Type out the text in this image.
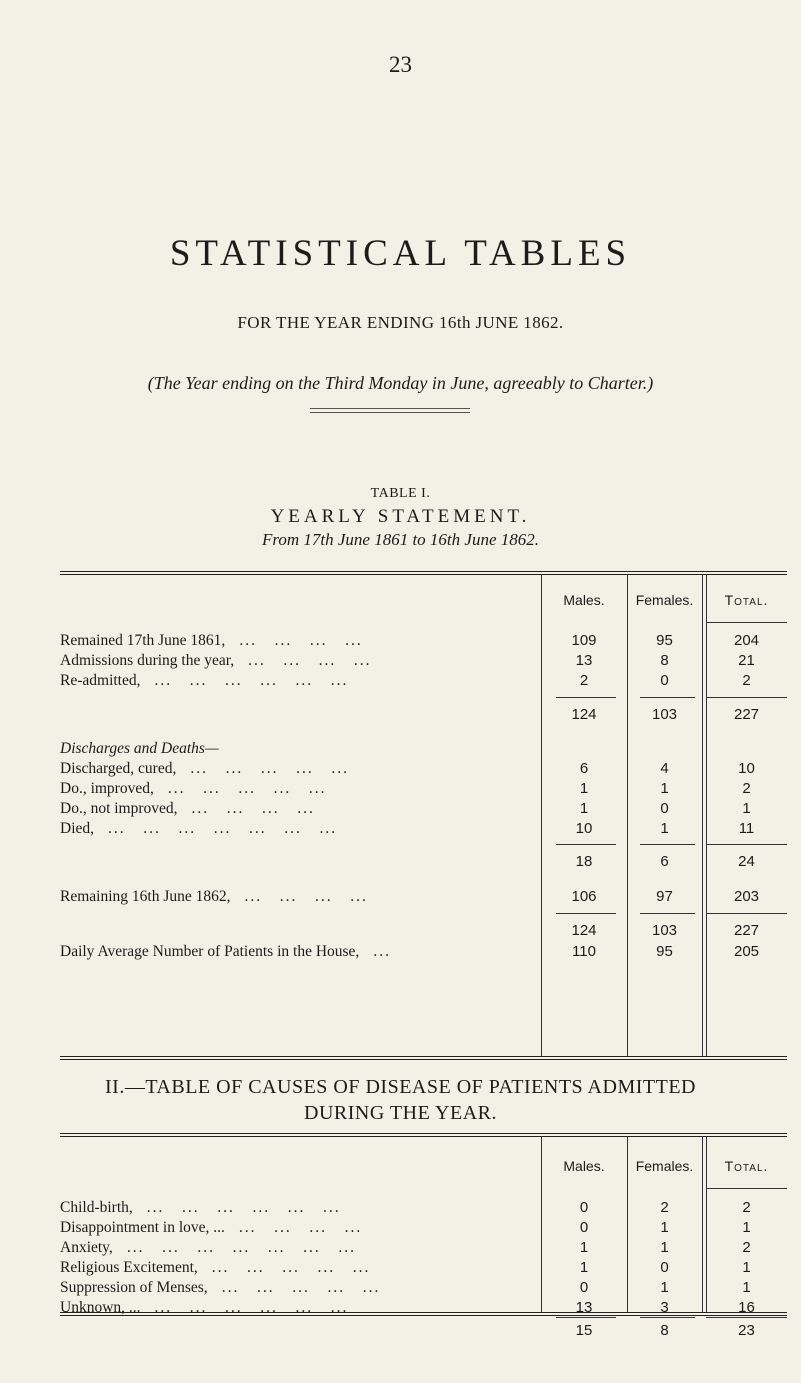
23
STATISTICAL TABLES
FOR THE YEAR ENDING 16th JUNE 1862.
(The Year ending on the Third Monday in June, agreeably to Charter.)
TABLE I.
YEARLY STATEMENT.
From 17th June 1861 to 16th June 1862.
Males.	Females.	Total.
Remained 17th June 1861, ...   ...   ...   ...	109	95	204
Admissions during the year, ...   ...   ...   ...	13	8	21
Re-admitted, ...   ...   ...   ...   ...   ...	2	0	2
124	103	227
Discharges and Deaths—
Discharged, cured, ...   ...   ...   ...   ...	6	4	10
Do., improved, ...   ...   ...   ...   ...	1	1	2
Do., not improved, ...   ...   ...   ...	1	0	1
Died, ...   ...   ...   ...   ...   ...   ...	10	1	11
18	6	24
Remaining 16th June 1862, ...   ...   ...   ...	106	97	203
124	103	227
Daily Average Number of Patients in the House, ...	110	95	205
II.—TABLE OF CAUSES OF DISEASE OF PATIENTS ADMITTED
DURING THE YEAR.
Males.	Females.	Total.
Child-birth, ...   ...   ...   ...   ...   ...	0	2	2
Disappointment in love, ... ...   ...   ...   ...	0	1	1
Anxiety, ...   ...   ...   ...   ...   ...   ...	1	1	2
Religious Excitement, ...   ...   ...   ...   ...	1	0	1
Suppression of Menses, ...   ...   ...   ...   ...	0	1	1
Unknown, ... ...   ...   ...   ...   ...   ...	13	3	16
15	8	23
